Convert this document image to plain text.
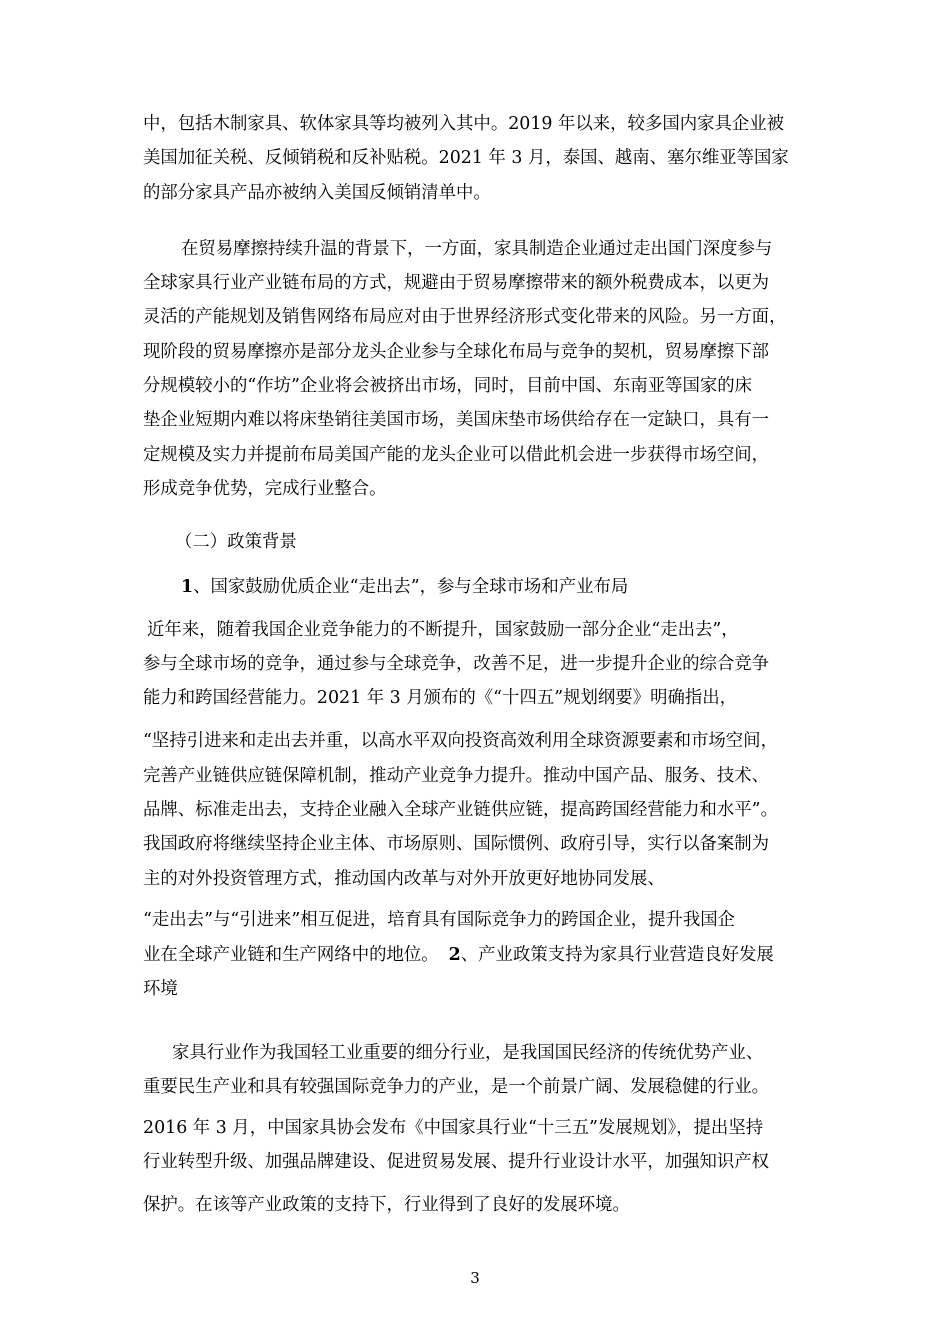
中，包括木制家具、软体家具等均被列入其中。2019 年以来，较多国内家具企业被
美国加征关税、反倾销税和反补贴税。2021 年 3 月，泰国、越南、塞尔维亚等国家
的部分家具产品亦被纳入美国反倾销清单中。
在贸易摩擦持续升温的背景下，一方面，家具制造企业通过走出国门深度参与
全球家具行业产业链布局的方式，规避由于贸易摩擦带来的额外税费成本，以更为
灵活的产能规划及销售网络布局应对由于世界经济形式变化带来的风险。另一方面，
现阶段的贸易摩擦亦是部分龙头企业参与全球化布局与竞争的契机，贸易摩擦下部
分规模较小的“作坊”企业将会被挤出市场，同时，目前中国、东南亚等国家的床
垫企业短期内难以将床垫销往美国市场，美国床垫市场供给存在一定缺口，具有一
定规模及实力并提前布局美国产能的龙头企业可以借此机会进一步获得市场空间，
形成竞争优势，完成行业整合。
（二）政策背景
1、国家鼓励优质企业“走出去”，参与全球市场和产业布局
近年来，随着我国企业竞争能力的不断提升，国家鼓励一部分企业“走出去”，
参与全球市场的竞争，通过参与全球竞争，改善不足，进一步提升企业的综合竞争
能力和跨国经营能力。2021 年 3 月颁布的《“十四五”规划纲要》明确指出，
“坚持引进来和走出去并重，以高水平双向投资高效利用全球资源要素和市场空间，
完善产业链供应链保障机制，推动产业竞争力提升。推动中国产品、服务、技术、
品牌、标准走出去，支持企业融入全球产业链供应链，提高跨国经营能力和水平”。
我国政府将继续坚持企业主体、市场原则、国际惯例、政府引导，实行以备案制为
主的对外投资管理方式，推动国内改革与对外开放更好地协同发展、
“走出去”与“引进来”相互促进，培育具有国际竞争力的跨国企业，提升我国企
业在全球产业链和生产网络中的地位。 2、产业政策支持为家具行业营造良好发展
环境
家具行业作为我国轻工业重要的细分行业，是我国国民经济的传统优势产业、
重要民生产业和具有较强国际竞争力的产业，是一个前景广阔、发展稳健的行业。
2016 年 3 月，中国家具协会发布《中国家具行业“十三五”发展规划》，提出坚持
行业转型升级、加强品牌建设、促进贸易发展、提升行业设计水平，加强知识产权
保护。在该等产业政策的支持下，行业得到了良好的发展环境。
3
